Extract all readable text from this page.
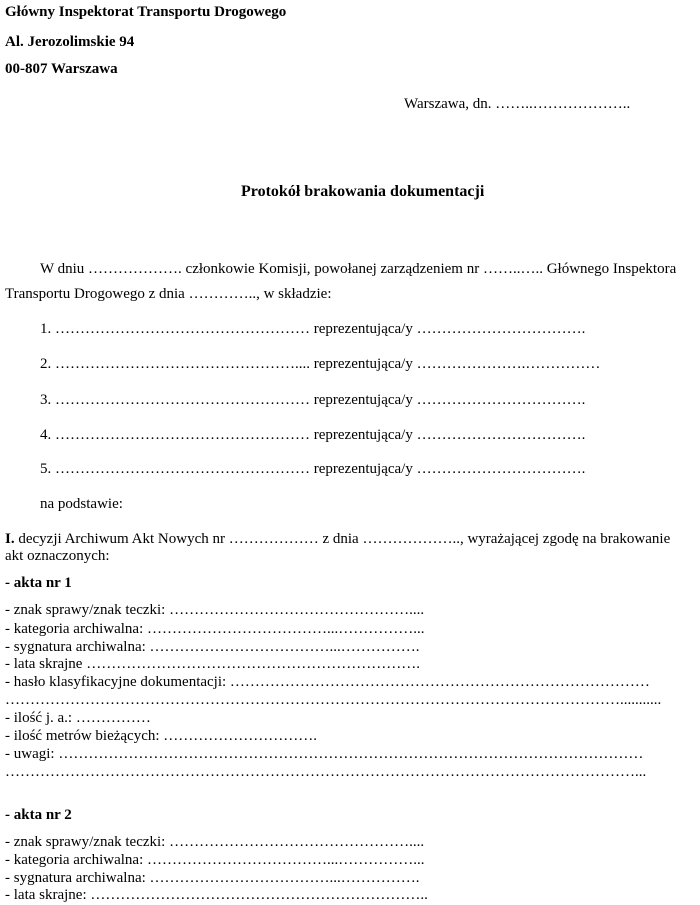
Główny Inspektorat Transportu Drogowego
Al. Jerozolimskie 94
00-807 Warszawa
Warszawa, dn. ……..………………..
Protokół brakowania dokumentacji
W dniu ………………. członkowie Komisji, powołanej zarządzeniem nr ……..….. Głównego Inspektora
Transportu Drogowego z dnia ………….., w składzie:
1. …………………………………………… reprezentująca/y …………………………….
2. ………………………………………….... reprezentująca/y ………………….……………
3. …………………………………………… reprezentująca/y …………………………….
4. …………………………………………… reprezentująca/y …………………………….
5. …………………………………………… reprezentująca/y …………………………….
na podstawie:
I. decyzji Archiwum Akt Nowych nr ……………… z dnia ……………….., wyrażającej zgodę na brakowanie
akt oznaczonych:
- akta nr 1
- znak sprawy/znak teczki: …………………………………………....
- kategoria archiwalna: ………………………………...……………...
- sygnatura archiwalna: ………………………………...…………….
- lata skrajne ………………………………………………………….
- hasło klasyfikacyjne dokumentacji: …………………………………………………………………………
……………………………………………………………………………………………………………...........
- ilość j. a.: ……………
- ilość metrów bieżących: ………………………….
- uwagi: ………………………………………………………………………………………………………
………………………………………………………………………………………………………………...
- akta nr 2
- znak sprawy/znak teczki: …………………………………………....
- kategoria archiwalna: ………………………………...……………...
- sygnatura archiwalna: ………………………………...…………….
- lata skrajne: …………………………………………………………..
